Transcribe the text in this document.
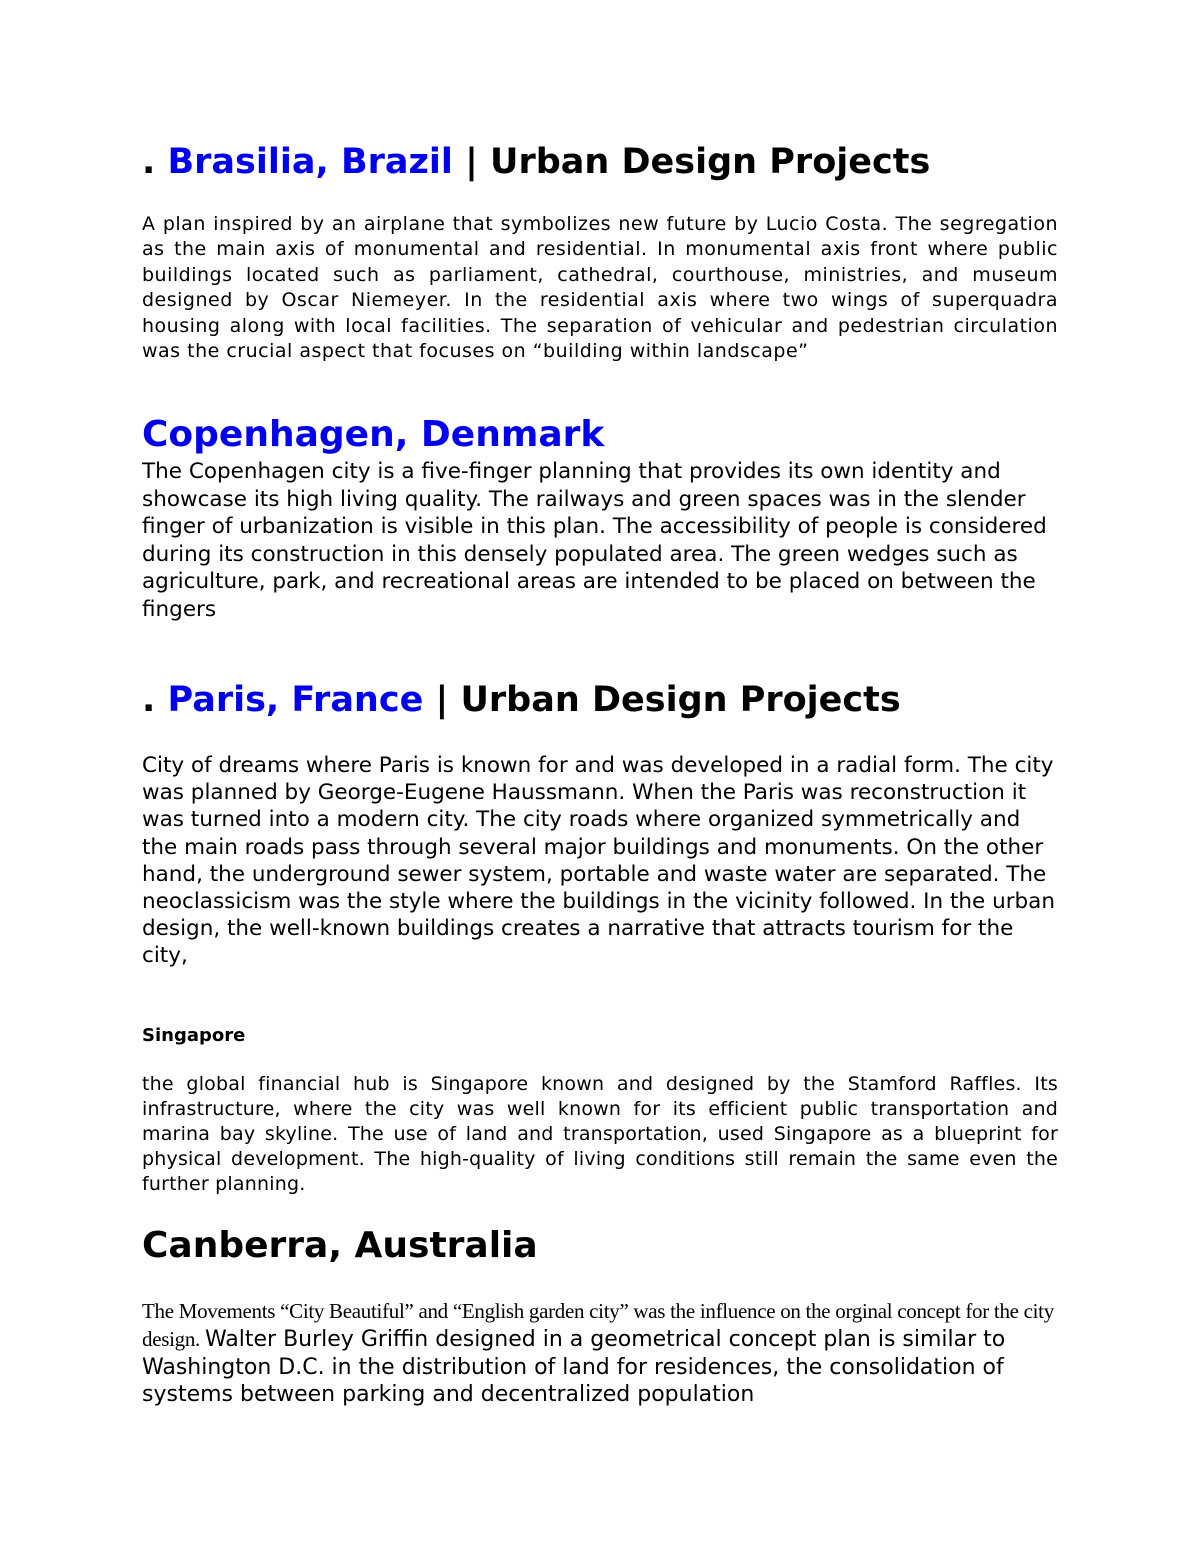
. Brasilia, Brazil | Urban Design Projects

A plan inspired by an airplane that symbolizes new future by Lucio Costa. The segregation as the main axis of monumental and residential. In monumental axis front where public buildings located such as parliament, cathedral, courthouse, ministries, and museum designed by Oscar Niemeyer. In the residential axis where two wings of superquadra housing along with local facilities. The separation of vehicular and pedestrian circulation was the crucial aspect that focuses on “building within landscape”

Copenhagen, Denmark

The Copenhagen city is a five-finger planning that provides its own identity and showcase its high living quality. The railways and green spaces was in the slender finger of urbanization is visible in this plan. The accessibility of people is considered during its construction in this densely populated area. The green wedges such as agriculture, park, and recreational areas are intended to be placed on between the fingers

. Paris, France | Urban Design Projects

City of dreams where Paris is known for and was developed in a radial form. The city was planned by George-Eugene Haussmann. When the Paris was reconstruction it was turned into a modern city. The city roads where organized symmetrically and the main roads pass through several major buildings and monuments. On the other hand, the underground sewer system, portable and waste water are separated. The neoclassicism was the style where the buildings in the vicinity followed. In the urban design, the well-known buildings creates a narrative that attracts tourism for the city,

Singapore

the global financial hub is Singapore known and designed by the Stamford Raffles. Its infrastructure, where the city was well known for its efficient public transportation and marina bay skyline. The use of land and transportation, used Singapore as a blueprint for physical development. The high-quality of living conditions still remain the same even the further planning.

Canberra, Australia

The Movements “City Beautiful” and “English garden city” was the influence on the orginal concept for the city design. Walter Burley Griffin designed in a geometrical concept plan is similar to Washington D.C. in the distribution of land for residences, the consolidation of systems between parking and decentralized population
